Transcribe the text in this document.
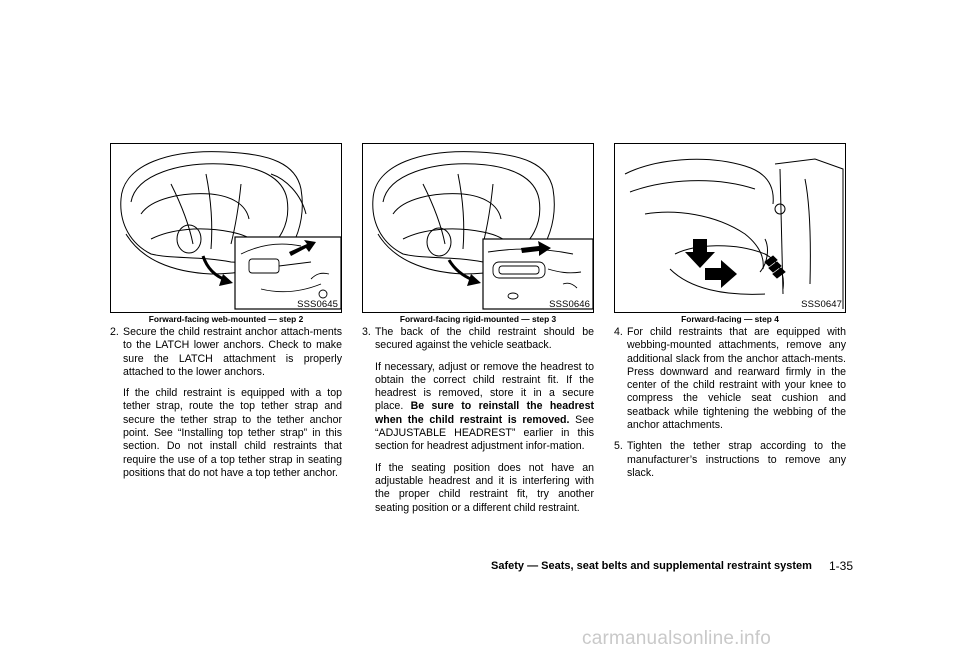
SSS0645
Forward-facing web-mounted — step 2
2. Secure the child restraint anchor attach-ments to the LATCH lower anchors. Check to make sure the LATCH attachment is properly attached to the lower anchors.
If the child restraint is equipped with a top tether strap, route the top tether strap and secure the tether strap to the tether anchor point. See “Installing top tether strap” in this section. Do not install child restraints that require the use of a top tether strap in seating positions that do not have a top tether anchor.
SSS0646
Forward-facing rigid-mounted — step 3
3. The back of the child restraint should be secured against the vehicle seatback.
If necessary, adjust or remove the headrest to obtain the correct child restraint fit. If the headrest is removed, store it in a secure place. Be sure to reinstall the headrest when the child restraint is removed. See “ADJUSTABLE HEADREST” earlier in this section for headrest adjustment infor-mation.
If the seating position does not have an adjustable headrest and it is interfering with the proper child restraint fit, try another seating position or a different child restraint.
SSS0647
Forward-facing — step 4
4. For child restraints that are equipped with webbing-mounted attachments, remove any additional slack from the anchor attach-ments. Press downward and rearward firmly in the center of the child restraint with your knee to compress the vehicle seat cushion and seatback while tightening the webbing of the anchor attachments.
5. Tighten the tether strap according to the manufacturer’s instructions to remove any slack.
Safety — Seats, seat belts and supplemental restraint system 1-35
carmanualsonline.info
